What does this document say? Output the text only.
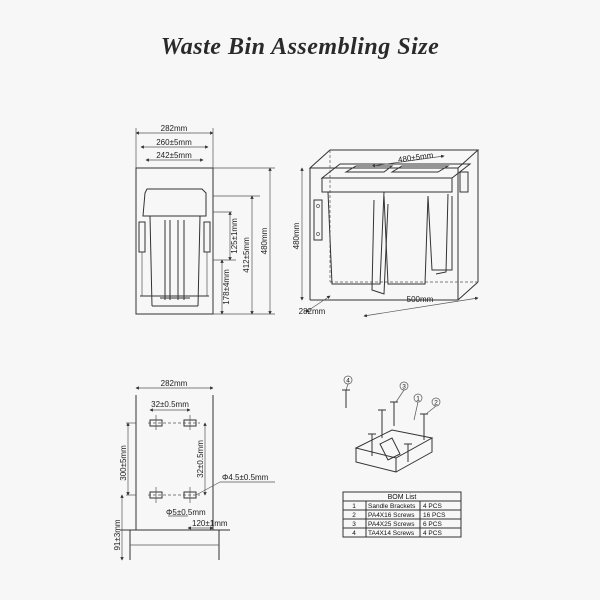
Waste Bin Assembling Size
282mm
260±5mm
242±5mm
480mm
412±5mm
125±1mm
178±4mm
480±5mm
480mm
282mm
500mm
282mm
32±0.5mm
32±0.5mm
300±5mm
91±3mm
Φ4.5±0.5mm
Φ5±0.5mm
120±1mm
4
3
1
2
BOM List
1 Sandle Brackets 4 PCS
2 PA4X16 Screws 16 PCS
3 PA4X25 Screws 6 PCS
4 TA4X14 Screws 4 PCS
